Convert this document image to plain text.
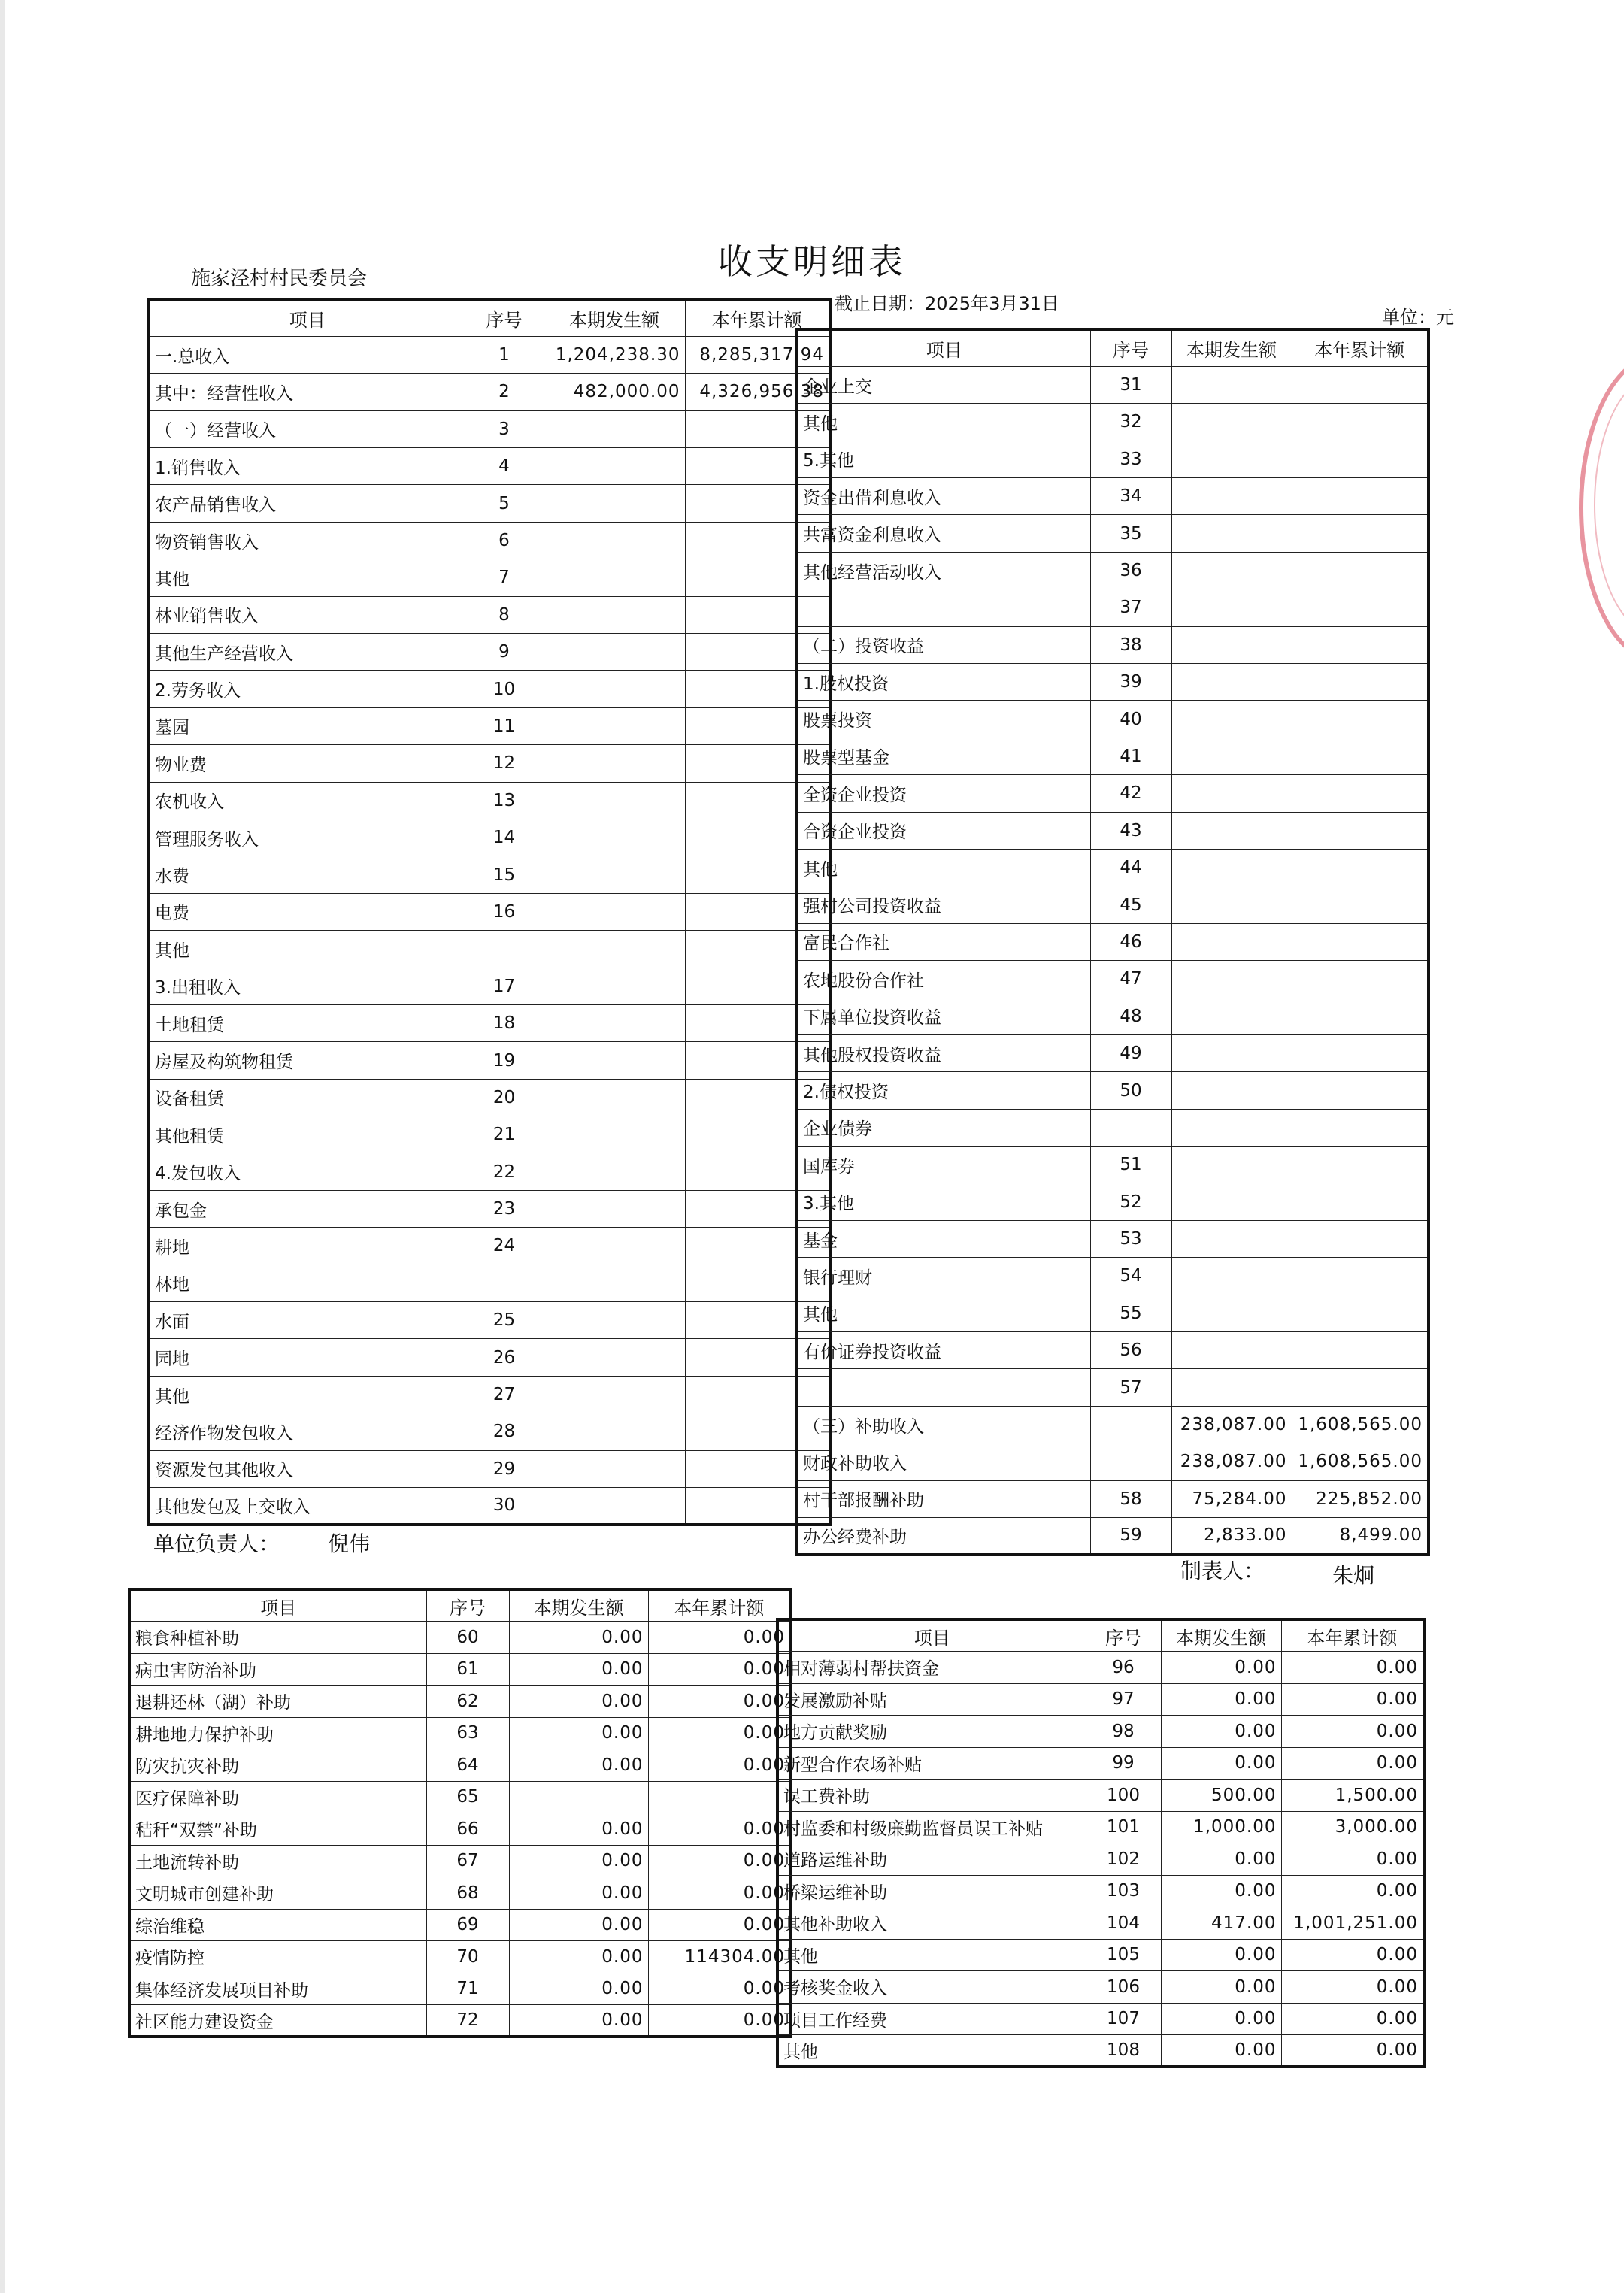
收支明细表
施家泾村村民委员会
截止日期：2025年3月31日
单位：元
项目	序号	本期发生额	本年累计额
一.总收入	1	1,204,238.30	8,285,317.94
其中：经营性收入	2	482,000.00	4,326,956.38
（一）经营收入	3		
1.销售收入	4		
农产品销售收入	5		
物资销售收入	6		
其他	7		
林业销售收入	8		
其他生产经营收入	9		
2.劳务收入	10		
墓园	11		
物业费	12		
农机收入	13		
管理服务收入	14		
水费	15		
电费	16		
其他			
3.出租收入	17		
土地租赁	18		
房屋及构筑物租赁	19		
设备租赁	20		
其他租赁	21		
4.发包收入	22		
承包金	23		
耕地	24		
林地			
水面	25		
园地	26		
其他	27		
经济作物发包收入	28		
资源发包其他收入	29		
其他发包及上交收入	30		
项目	序号	本期发生额	本年累计额
企业上交	31		
其他	32		
5.其他	33		
资金出借利息收入	34		
共富资金利息收入	35		
其他经营活动收入	36		
	37		
（二）投资收益	38		
1.股权投资	39		
股票投资	40		
股票型基金	41		
全资企业投资	42		
合资企业投资	43		
其他	44		
强村公司投资收益	45		
富民合作社	46		
农地股份合作社	47		
下属单位投资收益	48		
其他股权投资收益	49		
2.债权投资	50		
企业债券			
国库券	51		
3.其他	52		
基金	53		
银行理财	54		
其他	55		
有价证券投资收益	56		
	57		
（三）补助收入		238,087.00	1,608,565.00
财政补助收入		238,087.00	1,608,565.00
村干部报酬补助	58	75,284.00	225,852.00
办公经费补助	59	2,833.00	8,499.00
单位负责人： 倪伟
制表人：	朱炯
项目	序号	本期发生额	本年累计额
粮食种植补助	60	0.00	0.00
病虫害防治补助	61	0.00	0.00
退耕还林（湖）补助	62	0.00	0.00
耕地地力保护补助	63	0.00	0.00
防灾抗灾补助	64	0.00	0.00
医疗保障补助	65		
秸秆“双禁”补助	66	0.00	0.00
土地流转补助	67	0.00	0.00
文明城市创建补助	68	0.00	0.00
综治维稳	69	0.00	0.00
疫情防控	70	0.00	114304.00
集体经济发展项目补助	71	0.00	0.00
社区能力建设资金	72	0.00	0.00
项目	序号	本期发生额	本年累计额
相对薄弱村帮扶资金	96	0.00	0.00
发展激励补贴	97	0.00	0.00
地方贡献奖励	98	0.00	0.00
新型合作农场补贴	99	0.00	0.00
误工费补助	100	500.00	1,500.00
村监委和村级廉勤监督员误工补贴	101	1,000.00	3,000.00
道路运维补助	102	0.00	0.00
桥梁运维补助	103	0.00	0.00
其他补助收入	104	417.00	1,001,251.00
其他	105	0.00	0.00
考核奖金收入	106	0.00	0.00
项目工作经费	107	0.00	0.00
其他	108	0.00	0.00
